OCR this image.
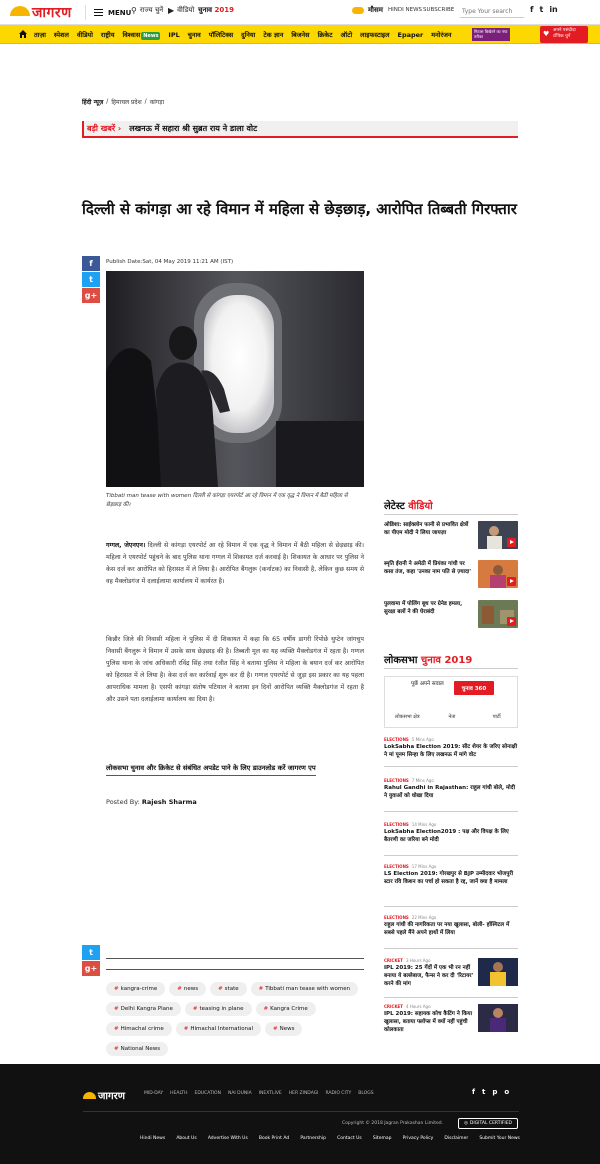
जागरण	MENU ⚲ राज्य चुनें ▶ वीडियो चुनाव 2019	मौसम HINDI NEWS SUBSCRIBE
Type Your search	f t in
ताज़ा स्पेशल वीडियो राष्ट्रीय विश्वास News	IPL चुनाव पॉलिटिक्स दुनिया टेक ज्ञान बिजनेस क्रिकेट ऑटो लाइफस्टाइल Epaper मनोरंजन	मिठास बिखेरने का नया तरीका	♥ अपने पसंदीदा टॉपिक चुनें
हिंदी न्यूज़ / हिमाचल प्रदेश / कांगड़ा
बड़ी खबरें › लखनऊ में सहारा श्री सुब्रत राय ने डाला वोट
दिल्ली से कांगड़ा आ रहे विमान में महिला से छेड़छाड़, आरोपित तिब्बती गिरफ्तार
f
t
g+
Publish Date:Sat, 04 May 2019 11:21 AM (IST)
Tibbati man tease with women दिल्ली से कांगड़ा एयरपोर्ट आ रहे विमान में एक वृद्ध ने विमान में बैठी महिला से छेड़छाड़ की।

गग्गल, जेएनएन। दिल्ली से कांगड़ा एयरपोर्ट आ रहे विमान में एक वृद्ध ने विमान में बैठी महिला से छेड़छाड़ की। महिला ने एयरपोर्ट पहुंचने के बाद पुलिस थाना गग्गल में शिकायत दर्ज करवाई है। शिकायत के आधार पर पुलिस ने केस दर्ज कर आरोपित को हिरासत में ले लिया है। आरोपित बैंगलुरू (कर्नाटक) का निवासी है, लेकिन कुछ समय से वह मैक्लोडगंज में दलाईलामा कार्यालय में कार्यरत है।

किन्नौर जिले की निवासी महिला ने पुलिस में दी शिकायत में कहा कि 65 वर्षीय डागरी रिंपोछे थुप्टेन जांगचुप निवासी बैंगलुरू ने विमान में उसके साथ छेड़छाड़ की है। तिब्बती मूल का यह व्यक्ति मैक्लोडगंज में रहता है। गग्गल पुलिस थाना के जांच अधिकारी रविंद्र सिंह तथा रंजीत सिंह ने बताया पुलिस ने महिला के बयान दर्ज कर आरोपित को हिरासत में ले लिया है। केस दर्ज कर कार्रवाई शुरू कर दी है। गग्गल एयरपोर्ट से जुड़ा इस प्रकार का यह पहला आपराधिक मामला है। एसपी कांगड़ा संतोष पटियाल ने बताया इन दिनों आरोपित व्यक्ति मैक्लोडगंज में रहता है और उसने पता दलाईलामा कार्यालय का दिया है।

लोकसभा चुनाव और क्रिकेट से संबंधित अपडेट पाने के लिए डाउनलोड करें जागरण एप
Posted By: Rajesh Sharma
t
g+
# kangra-crime	# news	# state	# Tibbati man tease with women
# Delhi Kangra Plane	# teasing in plane	# Kangra Crime
# Himachal crime	# Himachal International	# News
# National News
लेटेस्ट वीडियो
ओडिशा: साईक्लोन फानी से प्रभावित क्षेत्रों का पीएम मोदी ने लिया जायज़ा
स्मृति ईरानी ने अमेठी में प्रियंका गांधी पर कसा तंज, कहा 'उनका नाम पति से ज़्यादा'
पुलवामा में पोलिंग बूथ पर ग्रेनेड हमला, सुरक्षा बलों ने की घेराबंदी
लोकसभा चुनाव 2019
पूछें अपने सवाल
चुनाव 360
लोकसभा क्षेत्र	नेता	पार्टी
ELECTIONS 5 Mins Ago
LokSabha Election 2019: सीट शेयर के जरिए सोनाक्षी ने मां पूनम सिन्हा के लिए लखनऊ में मांगे वोट
ELECTIONS 7 Mins Ago
Rahul Gandhi in Rajasthan: राहुल गांधी बोले, मोदी ने युवाओं को धोखा दिया
ELECTIONS 14 Mins Ago
LokSabha Election2019 : पक्ष और विपक्ष के लिए बैतरणी का जरिया बने मोदी
ELECTIONS 17 Mins Ago
LS Election 2019: गोरखपुर से BJP उम्मीदवार भोजपुरी स्टार रवि किशन का पर्चा हो सकता है रद्द, जानें क्या है मामला
ELECTIONS 22 Mins Ago
राहुल गांधी की नागरिकता पर नया खुलासा, बोली- हॉस्पिटल में सबसे पहले मैंने अपने हाथों में लिया
CRICKET 3 Hours Ago
IPL 2019: 25 गेंदों में एक भी रन नहीं बनाया ये बल्लेबाज, फैन्स ने कर दी 'रिटायर' करने की मांग
CRICKET 4 Hours Ago
IPL 2019: सहायक कोच कैटिंग ने किया खुलासा, बताया फ्लॉप्स में क्यों नहीं पहुंची कोलकाता
जागरण	MID-DAY HEALTH EDUCATION NAI DUNIA INEXTLIVE HER ZINDAGI RADIO CITY BLOGS	f t p o
Copyright © 2018 Jagran Prakashan Limited.	◎ DIGITAL CERTIFIED
Hindi News About Us Advertise With Us Book Print Ad Partnership Contact Us Sitemap Privacy Policy Disclaimer Submit Your News
